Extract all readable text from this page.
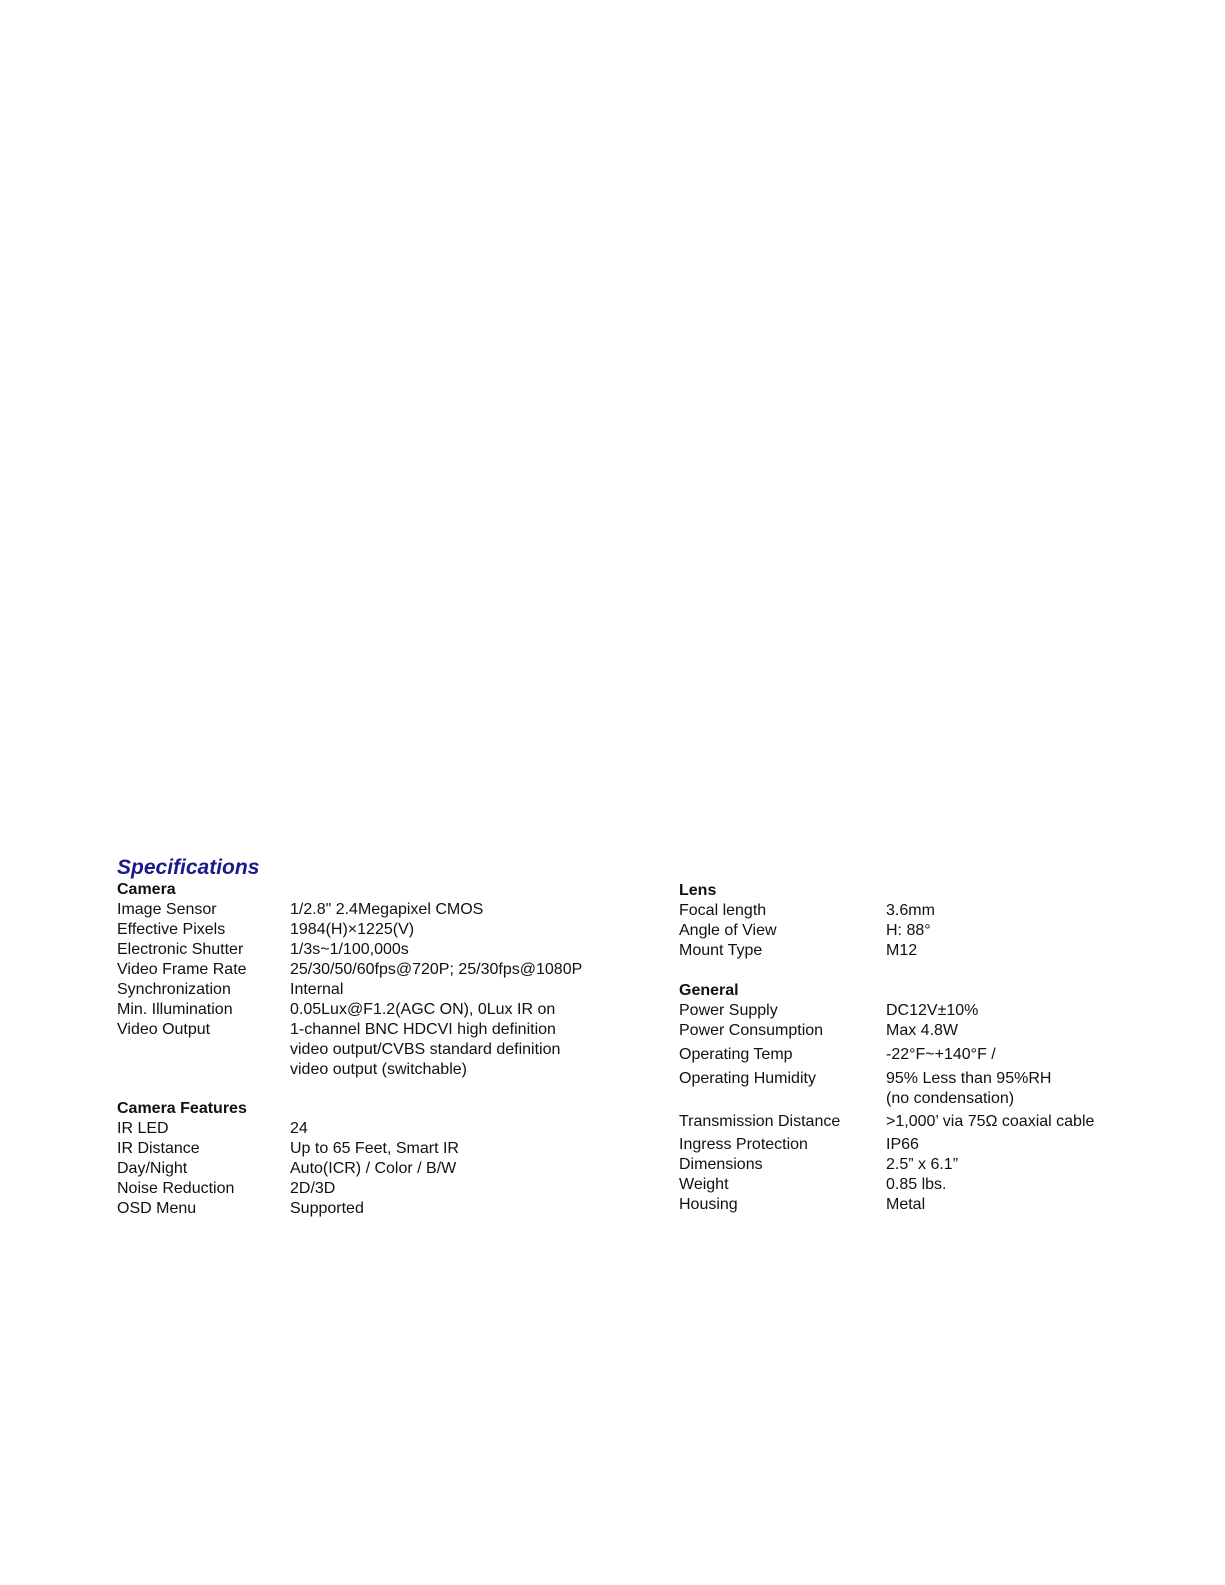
Specifications
Camera
Image Sensor	1/2.8" 2.4Megapixel CMOS
Effective Pixels	1984(H)×1225(V)
Electronic Shutter	1/3s~1/100,000s
Video Frame Rate	25/30/50/60fps@720P; 25/30fps@1080P
Synchronization	Internal
Min. Illumination	0.05Lux@F1.2(AGC ON), 0Lux IR on
Video Output	1-channel BNC HDCVI high definition
video output/CVBS standard definition
video output (switchable)
Camera Features
IR LED	24
IR Distance	Up to 65 Feet, Smart IR
Day/Night	Auto(ICR) / Color / B/W
Noise Reduction	2D/3D
OSD Menu	Supported
Lens
Focal length	3.6mm
Angle of View	H: 88°
Mount Type	M12
General
Power Supply	DC12V±10%
Power Consumption	Max 4.8W
Operating Temp	-22°F~+140°F /
Operating Humidity	95% Less than 95%RH
(no condensation)
Transmission Distance	>1,000’ via 75Ω coaxial cable
Ingress Protection	IP66
Dimensions	2.5” x 6.1”
Weight	0.85 lbs.
Housing	Metal
